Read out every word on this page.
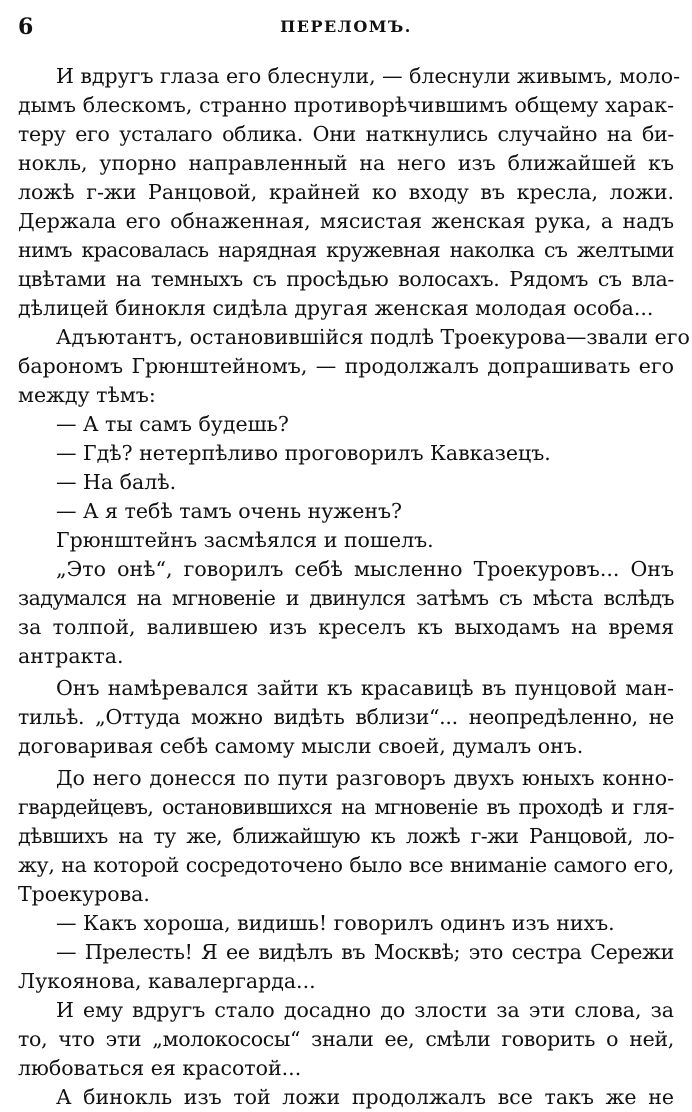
6	ПЕРЕЛОМЪ.
И вдругъ глаза его блеснули, — блеснули живымъ, моло-
дымъ блескомъ, странно противорѣчившимъ общему харак-
теру его усталаго облика. Они наткнулись случайно на би-
нокль, упорно направленный на него изъ ближайшей къ
ложѣ г-жи Ранцовой, крайней ко входу въ кресла, ложи.
Держала его обнаженная, мясистая женская рука, а надъ
нимъ красовалась нарядная кружевная наколка съ желтыми
цвѣтами на темныхъ съ просѣдью волосахъ. Рядомъ съ вла-
дѣлицей бинокля сидѣла другая женская молодая особа...
Адъютантъ, остановившійся подлѣ Троекурова—звали его
барономъ Грюнштейномъ, — продолжалъ допрашивать его
между тѣмъ:
— А ты самъ будешь?
— Гдѣ? нетерпѣливо проговорилъ Кавказецъ.
— На балѣ.
— А я тебѣ тамъ очень нуженъ?
Грюнштейнъ засмѣялся и пошелъ.
„Это онѣ“, говорилъ себѣ мысленно Троекуровъ... Онъ
задумался на мгновеніе и двинулся затѣмъ съ мѣста вслѣдъ
за толпой, валившею изъ креселъ къ выходамъ на время
антракта.
Онъ намѣревался зайти къ красавицѣ въ пунцовой ман-
тильѣ. „Оттуда можно видѣть вблизи“... неопредѣленно, не
договаривая себѣ самому мысли своей, думалъ онъ.
До него донесся по пути разговоръ двухъ юныхъ конно-
гвардейцевъ, остановившихся на мгновеніе въ проходѣ и гля-
дѣвшихъ на ту же, ближайшую къ ложѣ г-жи Ранцовой, ло-
жу, на которой сосредоточено было все вниманіе самого его,
Троекурова.
— Какъ хороша, видишь! говорилъ одинъ изъ нихъ.
— Прелесть! Я ее видѣлъ въ Москвѣ; это сестра Сережи
Лукоянова, кавалергарда...
И ему вдругъ стало досадно до злости за эти слова, за
то, что эти „молокососы“ знали ее, смѣли говорить о ней,
любоваться ея красотой...
А бинокль изъ той ложи продолжалъ все такъ же не
